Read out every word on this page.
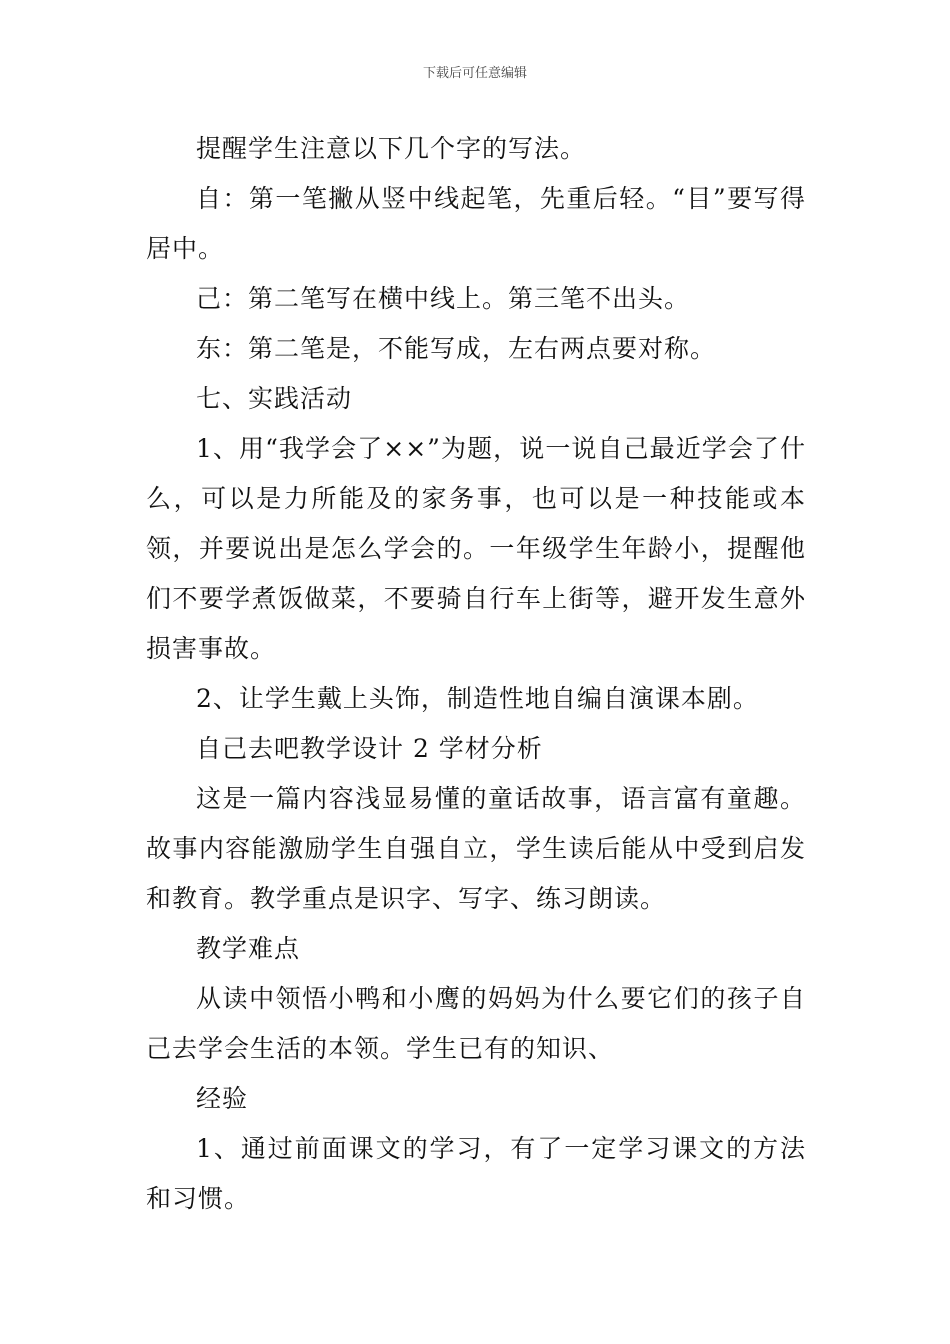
下载后可任意编辑

提醒学生注意以下几个字的写法。

自：第一笔撇从竖中线起笔，先重后轻。“目”要写得居中。

己：第二笔写在横中线上。第三笔不出头。

东：第二笔是，不能写成，左右两点要对称。

七、实践活动

1、用“我学会了××”为题，说一说自己最近学会了什么，可以是力所能及的家务事，也可以是一种技能或本领，并要说出是怎么学会的。一年级学生年龄小，提醒他们不要学煮饭做菜，不要骑自行车上街等，避开发生意外损害事故。

2、让学生戴上头饰，制造性地自编自演课本剧。

自己去吧教学设计 2 学材分析

这是一篇内容浅显易懂的童话故事，语言富有童趣。故事内容能激励学生自强自立，学生读后能从中受到启发和教育。教学重点是识字、写字、练习朗读。

教学难点

从读中领悟小鸭和小鹰的妈妈为什么要它们的孩子自己去学会生活的本领。学生已有的知识、

经验

1、通过前面课文的学习，有了一定学习课文的方法和习惯。
